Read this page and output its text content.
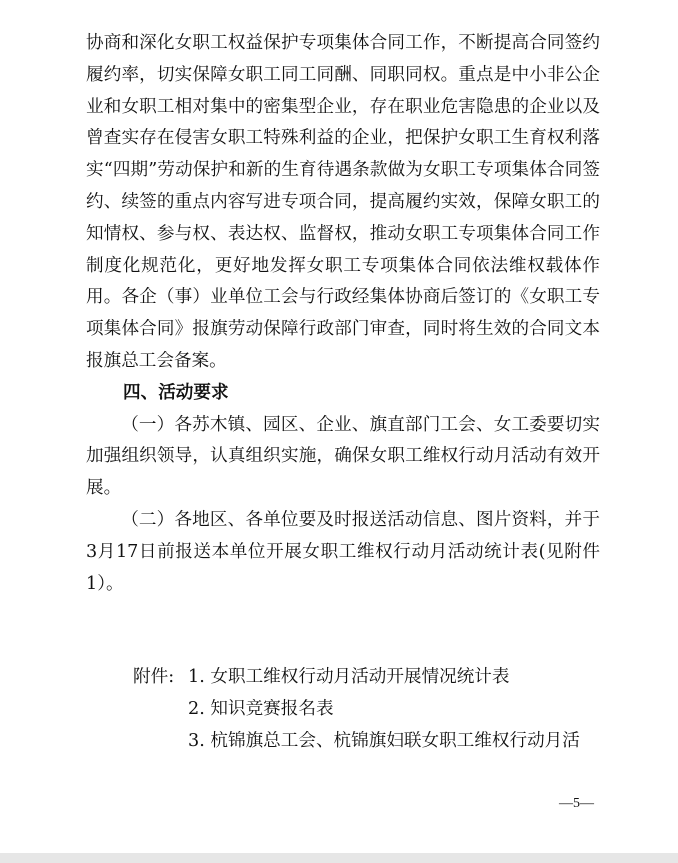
协商和深化女职工权益保护专项集体合同工作，不断提高合同签约履约率，切实保障女职工同工同酬、同职同权。重点是中小非公企业和女职工相对集中的密集型企业，存在职业危害隐患的企业以及曾查实存在侵害女职工特殊利益的企业，把保护女职工生育权利落实“四期”劳动保护和新的生育待遇条款做为女职工专项集体合同签约、续签的重点内容写进专项合同，提高履约实效，保障女职工的知情权、参与权、表达权、监督权，推动女职工专项集体合同工作制度化规范化，更好地发挥女职工专项集体合同依法维权载体作用。各企（事）业单位工会与行政经集体协商后签订的《女职工专项集体合同》报旗劳动保障行政部门审查，同时将生效的合同文本报旗总工会备案。

四、活动要求

（一）各苏木镇、园区、企业、旗直部门工会、女工委要切实加强组织领导，认真组织实施，确保女职工维权行动月活动有效开展。

（二）各地区、各单位要及时报送活动信息、图片资料，并于3月17日前报送本单位开展女职工维权行动月活动统计表(见附件1）。

附件: 1. 女职工维权行动月活动开展情况统计表
2. 知识竞赛报名表
3. 杭锦旗总工会、杭锦旗妇联女职工维权行动月活
—5—
